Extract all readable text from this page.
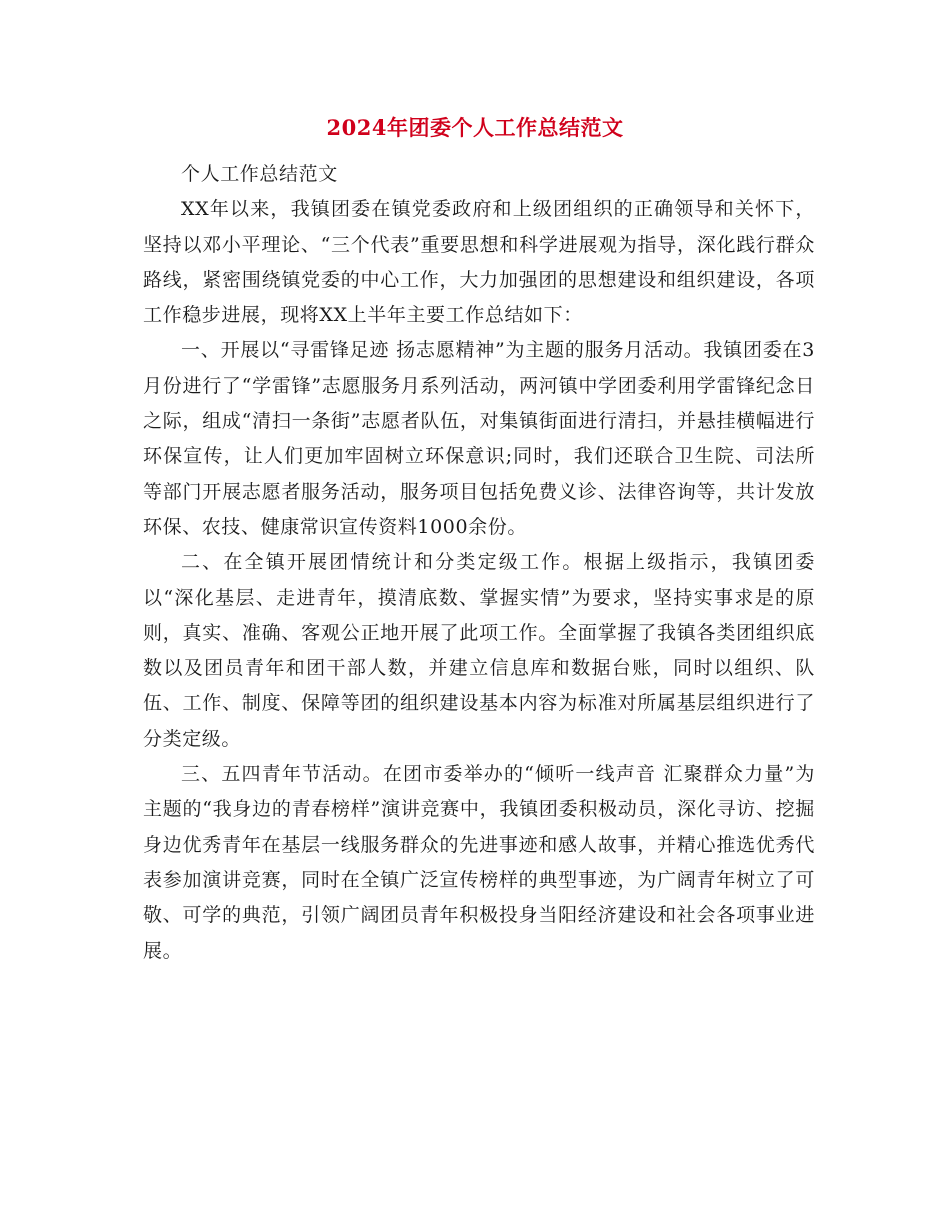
2024年团委个人工作总结范文

个人工作总结范文

XX年以来，我镇团委在镇党委政府和上级团组织的正确领导和关怀下，坚持以邓小平理论、“三个代表”重要思想和科学进展观为指导，深化践行群众路线，紧密围绕镇党委的中心工作，大力加强团的思想建设和组织建设，各项工作稳步进展，现将XX上半年主要工作总结如下：

一、开展以“寻雷锋足迹 扬志愿精神”为主题的服务月活动。我镇团委在3月份进行了“学雷锋”志愿服务月系列活动，两河镇中学团委利用学雷锋纪念日之际，组成“清扫一条街”志愿者队伍，对集镇街面进行清扫，并悬挂横幅进行环保宣传，让人们更加牢固树立环保意识;同时，我们还联合卫生院、司法所等部门开展志愿者服务活动，服务项目包括免费义诊、法律咨询等，共计发放环保、农技、健康常识宣传资料1000余份。

二、在全镇开展团情统计和分类定级工作。根据上级指示，我镇团委以“深化基层、走进青年，摸清底数、掌握实情”为要求，坚持实事求是的原则，真实、准确、客观公正地开展了此项工作。全面掌握了我镇各类团组织底数以及团员青年和团干部人数，并建立信息库和数据台账，同时以组织、队伍、工作、制度、保障等团的组织建设基本内容为标准对所属基层组织进行了分类定级。

三、五四青年节活动。在团市委举办的“倾听一线声音 汇聚群众力量”为主题的“我身边的青春榜样”演讲竞赛中，我镇团委积极动员，深化寻访、挖掘身边优秀青年在基层一线服务群众的先进事迹和感人故事，并精心推选优秀代表参加演讲竞赛，同时在全镇广泛宣传榜样的典型事迹，为广阔青年树立了可敬、可学的典范，引领广阔团员青年积极投身当阳经济建设和社会各项事业进展。
